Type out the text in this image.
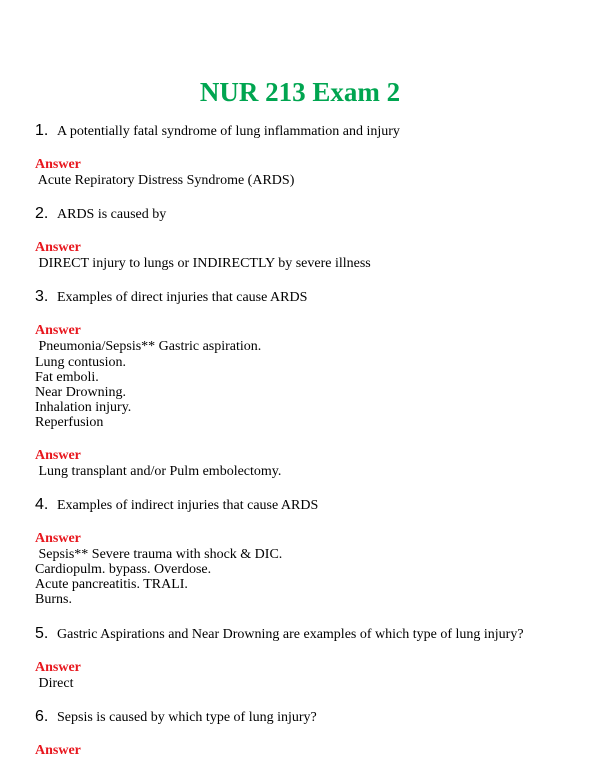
NUR 213 Exam 2
1. A potentially fatal syndrome of lung inflammation and injury
Answer
Acute Repiratory Distress Syndrome (ARDS)
2. ARDS is caused by
Answer
DIRECT injury to lungs or INDIRECTLY by severe illness
3. Examples of direct injuries that cause ARDS
Answer
Pneumonia/Sepsis** Gastric aspiration.
Lung contusion.
Fat emboli.
Near Drowning.
Inhalation injury.
Reperfusion
Answer
Lung transplant and/or Pulm embolectomy.
4. Examples of indirect injuries that cause ARDS
Answer
Sepsis** Severe trauma with shock & DIC.
Cardiopulm. bypass. Overdose.
Acute pancreatitis. TRALI.
Burns.
5. Gastric Aspirations and Near Drowning are examples of which type of lung injury?
Answer
Direct
6. Sepsis is caused by which type of lung injury?
Answer
